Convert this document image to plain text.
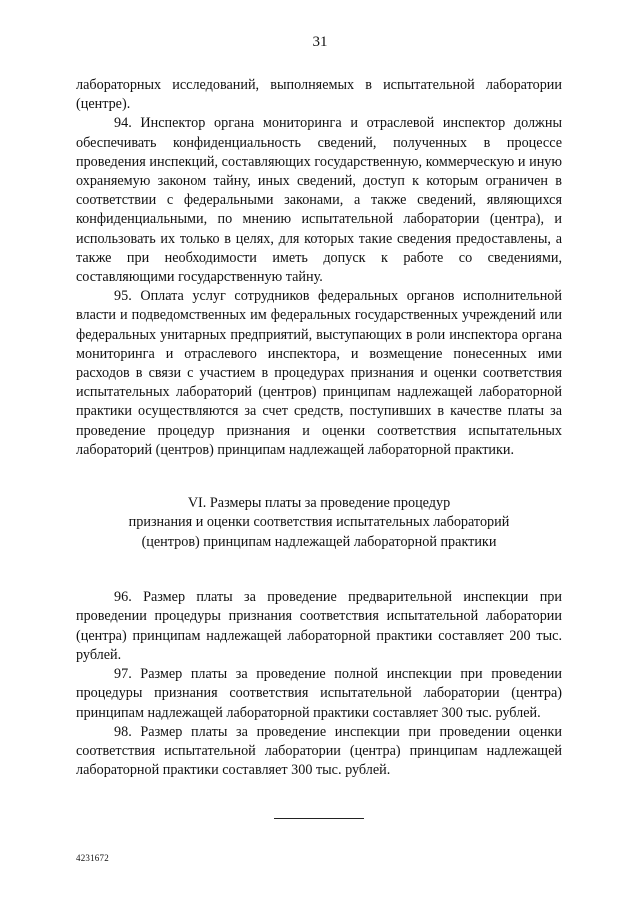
31

лабораторных исследований, выполняемых в испытательной лаборатории (центре).

94. Инспектор органа мониторинга и отраслевой инспектор должны обеспечивать конфиденциальность сведений, полученных в процессе проведения инспекций, составляющих государственную, коммерческую и иную охраняемую законом тайну, иных сведений, доступ к которым ограничен в соответствии с федеральными законами, а также сведений, являющихся конфиденциальными, по мнению испытательной лаборатории (центра), и использовать их только в целях, для которых такие сведения предоставлены, а также при необходимости иметь допуск к работе со сведениями, составляющими государственную тайну.

95. Оплата услуг сотрудников федеральных органов исполнительной власти и подведомственных им федеральных государственных учреждений или федеральных унитарных предприятий, выступающих в роли инспектора органа мониторинга и отраслевого инспектора, и возмещение понесенных ими расходов в связи с участием в процедурах признания и оценки соответствия испытательных лабораторий (центров) принципам надлежащей лабораторной практики осуществляются за счет средств, поступивших в качестве платы за проведение процедур признания и оценки соответствия испытательных лабораторий (центров) принципам надлежащей лабораторной практики.

VI. Размеры платы за проведение процедур
признания и оценки соответствия испытательных лабораторий
(центров) принципам надлежащей лабораторной практики

96. Размер платы за проведение предварительной инспекции при проведении процедуры признания соответствия испытательной лаборатории (центра) принципам надлежащей лабораторной практики составляет 200 тыс. рублей.

97. Размер платы за проведение полной инспекции при проведении процедуры признания соответствия испытательной лаборатории (центра) принципам надлежащей лабораторной практики составляет 300 тыс. рублей.

98. Размер платы за проведение инспекции при проведении оценки соответствия испытательной лаборатории (центра) принципам надлежащей лабораторной практики составляет 300 тыс. рублей.

4231672
